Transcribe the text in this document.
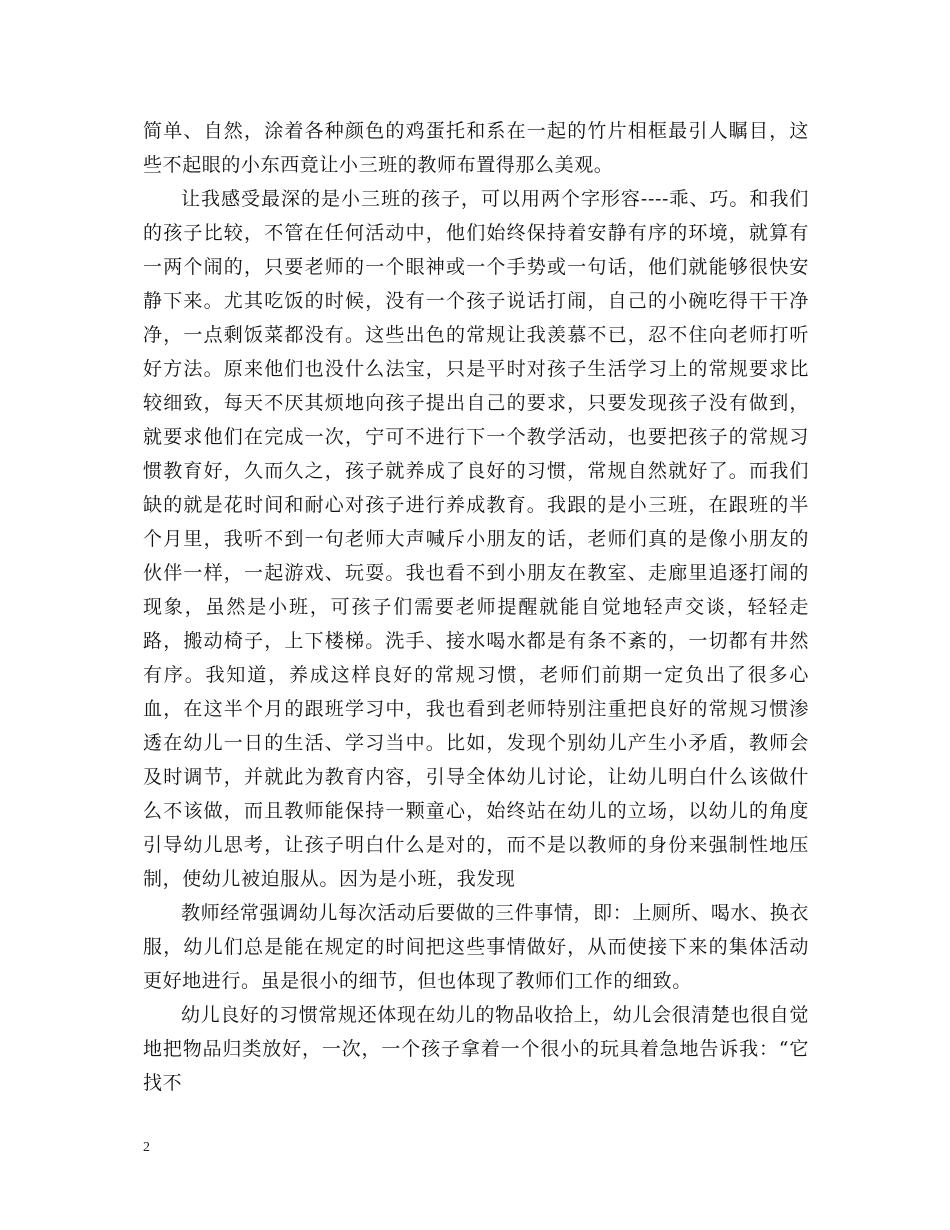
简单、自然，涂着各种颜色的鸡蛋托和系在一起的竹片相框最引人瞩目，这些不起眼的小东西竟让小三班的教师布置得那么美观。

让我感受最深的是小三班的孩子，可以用两个字形容----乖、巧。和我们的孩子比较，不管在任何活动中，他们始终保持着安静有序的环境，就算有一两个闹的，只要老师的一个眼神或一个手势或一句话，他们就能够很快安静下来。尤其吃饭的时候，没有一个孩子说话打闹，自己的小碗吃得干干净净，一点剩饭菜都没有。这些出色的常规让我羡慕不已，忍不住向老师打听好方法。原来他们也没什么法宝，只是平时对孩子生活学习上的常规要求比较细致，每天不厌其烦地向孩子提出自己的要求，只要发现孩子没有做到，就要求他们在完成一次，宁可不进行下一个教学活动，也要把孩子的常规习惯教育好，久而久之，孩子就养成了良好的习惯，常规自然就好了。而我们缺的就是花时间和耐心对孩子进行养成教育。我跟的是小三班，在跟班的半个月里，我听不到一句老师大声喊斥小朋友的话，老师们真的是像小朋友的伙伴一样，一起游戏、玩耍。我也看不到小朋友在教室、走廊里追逐打闹的现象，虽然是小班，可孩子们需要老师提醒就能自觉地轻声交谈，轻轻走路，搬动椅子，上下楼梯。洗手、接水喝水都是有条不紊的，一切都有井然有序。我知道，养成这样良好的常规习惯，老师们前期一定负出了很多心血，在这半个月的跟班学习中，我也看到老师特别注重把良好的常规习惯渗透在幼儿一日的生活、学习当中。比如，发现个别幼儿产生小矛盾，教师会及时调节，并就此为教育内容，引导全体幼儿讨论，让幼儿明白什么该做什么不该做，而且教师能保持一颗童心，始终站在幼儿的立场，以幼儿的角度引导幼儿思考，让孩子明白什么是对的，而不是以教师的身份来强制性地压制，使幼儿被迫服从。因为是小班，我发现

教师经常强调幼儿每次活动后要做的三件事情，即：上厕所、喝水、换衣服，幼儿们总是能在规定的时间把这些事情做好，从而使接下来的集体活动更好地进行。虽是很小的细节，但也体现了教师们工作的细致。

幼儿良好的习惯常规还体现在幼儿的物品收拾上，幼儿会很清楚也很自觉地把物品归类放好，一次，一个孩子拿着一个很小的玩具着急地告诉我：“它找不

2
